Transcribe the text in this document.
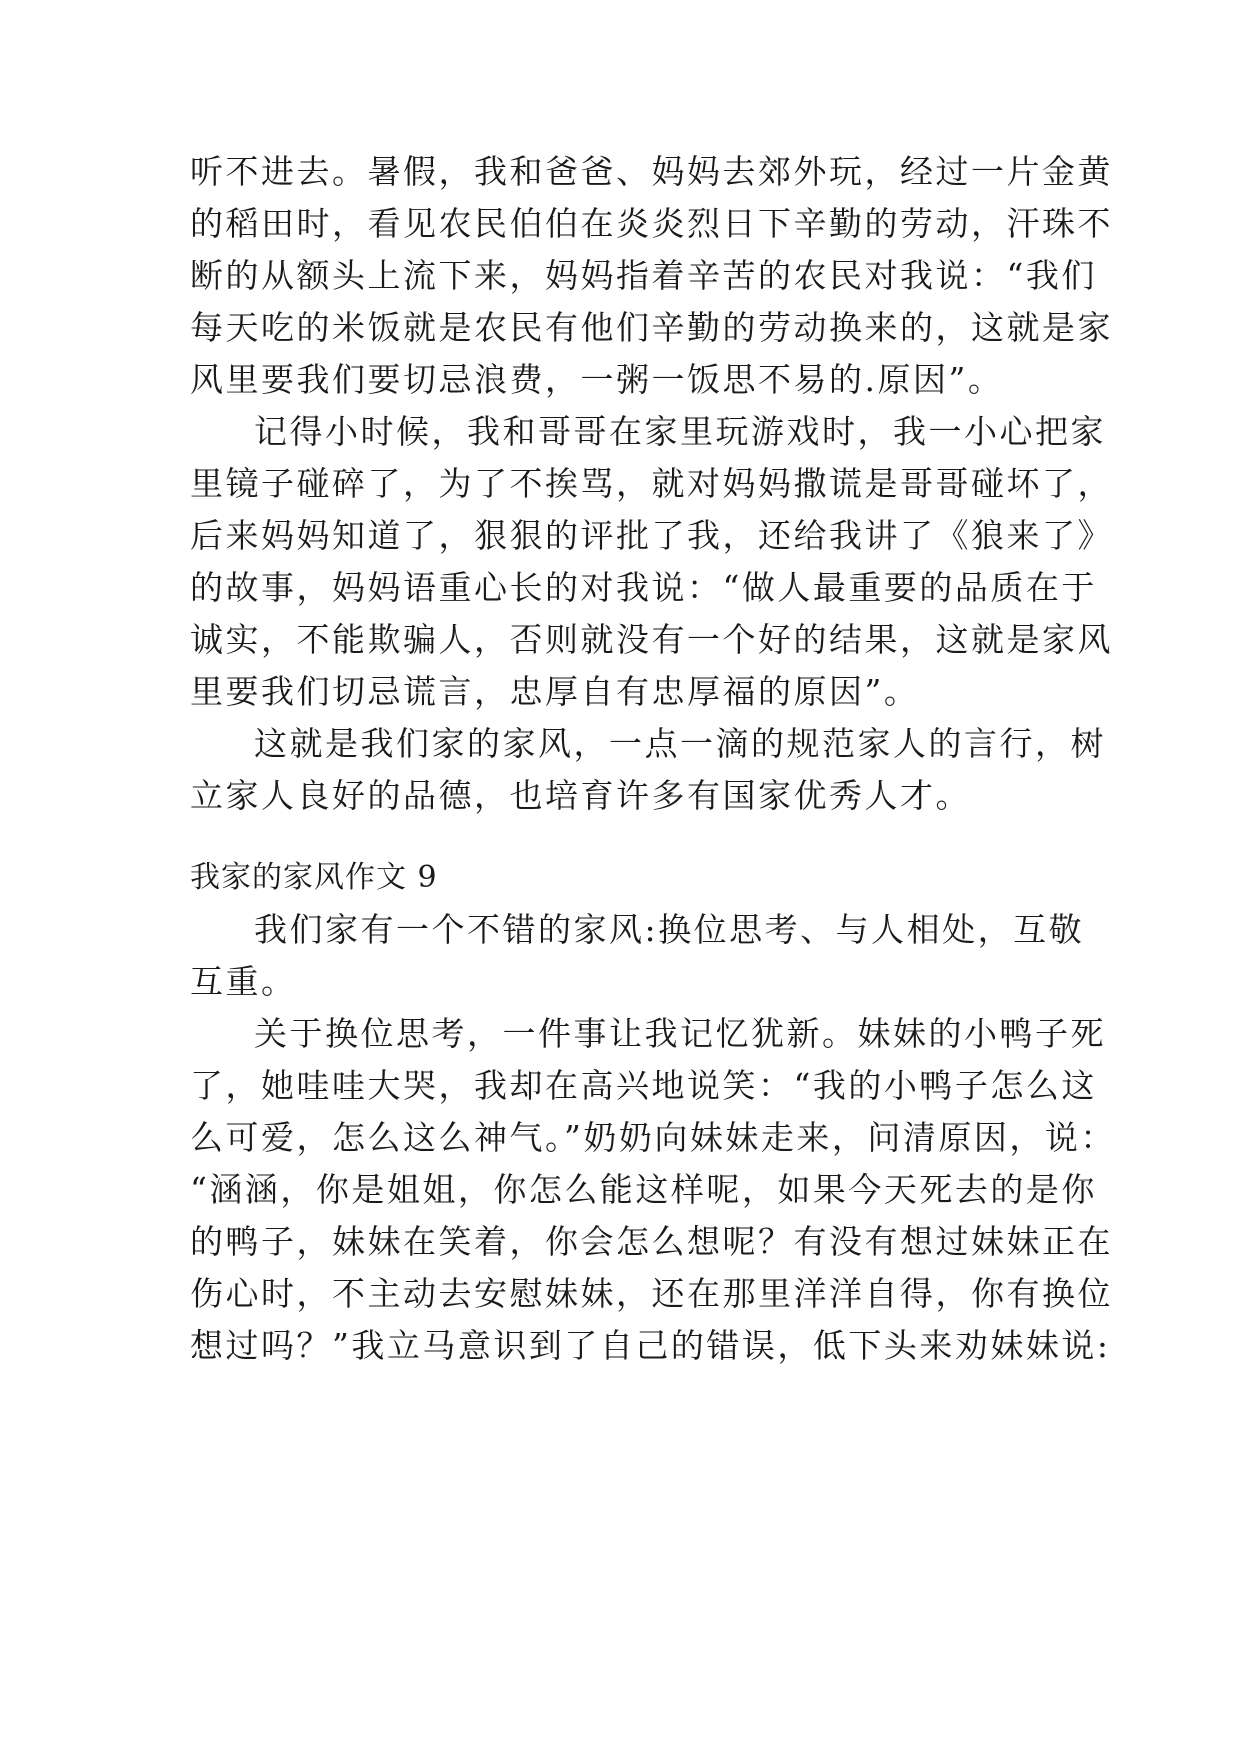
听不进去。暑假，我和爸爸、妈妈去郊外玩，经过一片金黄
的稻田时，看见农民伯伯在炎炎烈日下辛勤的劳动，汗珠不
断的从额头上流下来，妈妈指着辛苦的农民对我说：“我们
每天吃的米饭就是农民有他们辛勤的劳动换来的，这就是家
风里要我们要切忌浪费，一粥一饭思不易的.原因”。
记得小时候，我和哥哥在家里玩游戏时，我一小心把家
里镜子碰碎了，为了不挨骂，就对妈妈撒谎是哥哥碰坏了，
后来妈妈知道了，狠狠的评批了我，还给我讲了《狼来了》
的故事，妈妈语重心长的对我说：“做人最重要的品质在于
诚实，不能欺骗人，否则就没有一个好的结果，这就是家风
里要我们切忌谎言，忠厚自有忠厚福的原因”。
这就是我们家的家风，一点一滴的规范家人的言行，树
立家人良好的品德，也培育许多有国家优秀人才。
我家的家风作文 9
我们家有一个不错的家风:换位思考、与人相处，互敬
互重。
关于换位思考，一件事让我记忆犹新。妹妹的小鸭子死
了，她哇哇大哭，我却在高兴地说笑：“我的小鸭子怎么这
么可爱，怎么这么神气。”奶奶向妹妹走来，问清原因，说：
“涵涵，你是姐姐，你怎么能这样呢，如果今天死去的是你
的鸭子，妹妹在笑着，你会怎么想呢？有没有想过妹妹正在
伤心时，不主动去安慰妹妹，还在那里洋洋自得，你有换位
想过吗？”我立马意识到了自己的错误，低下头来劝妹妹说:
